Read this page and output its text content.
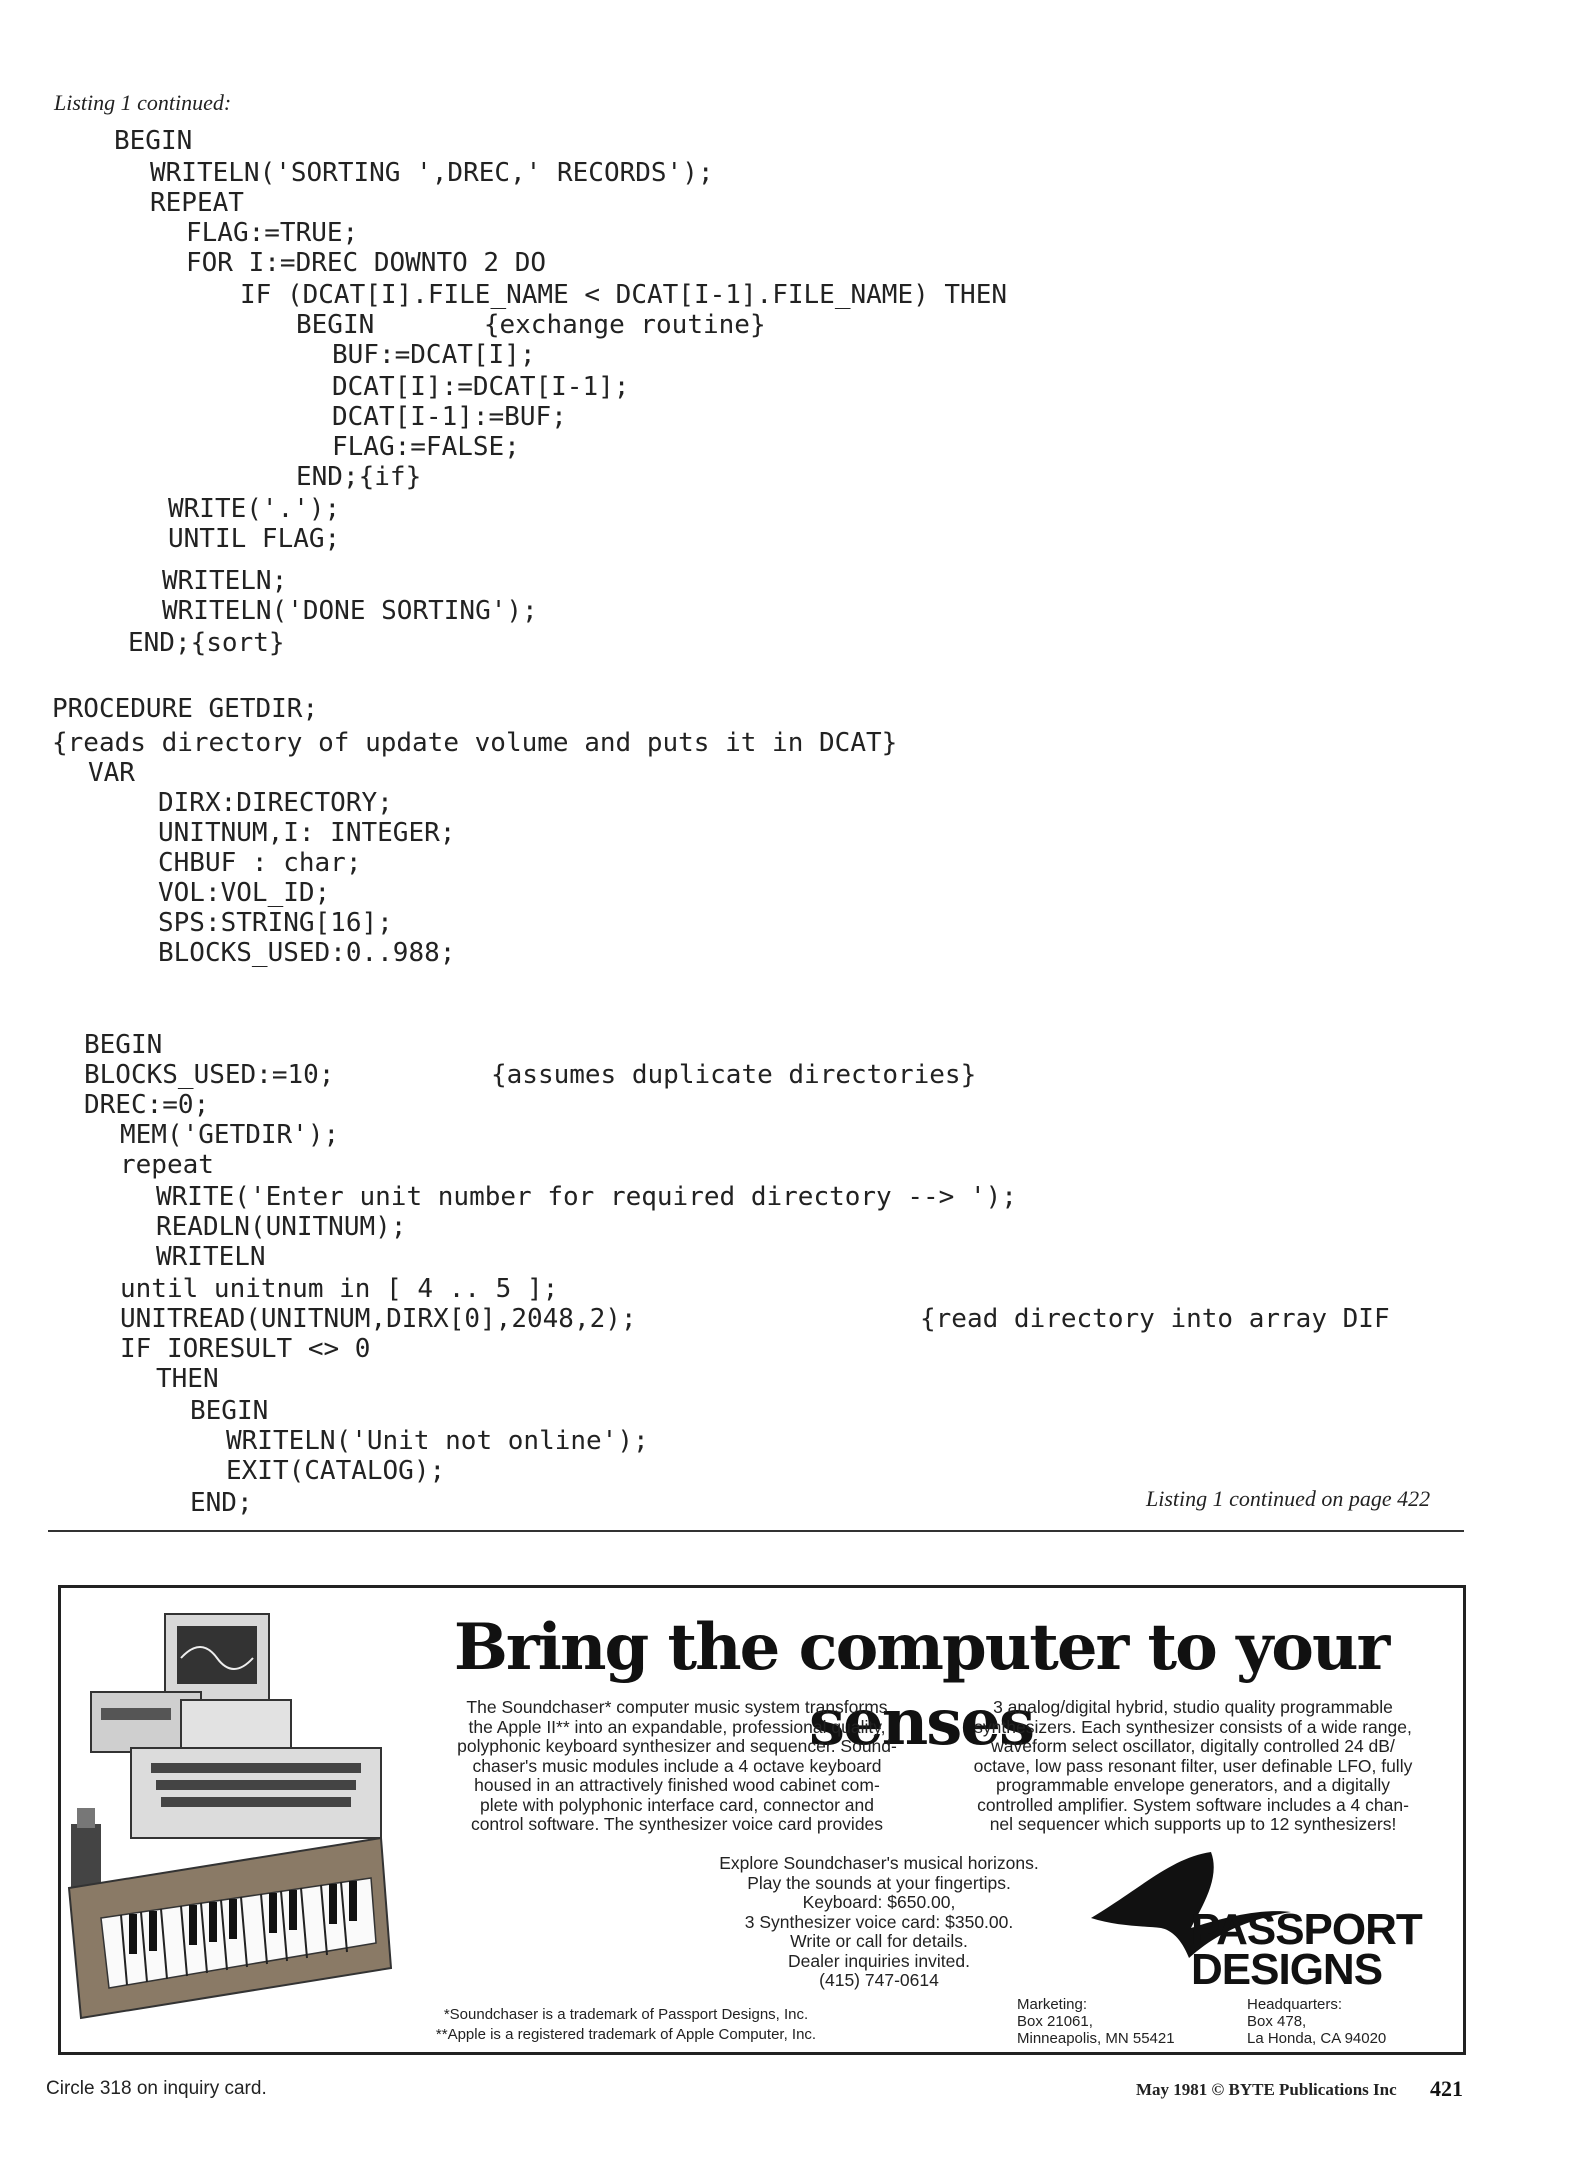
Listing 1 continued:
BEGIN
WRITELN('SORTING ',DREC,' RECORDS');
REPEAT
FLAG:=TRUE;
FOR I:=DREC DOWNTO 2 DO
IF (DCAT[I].FILE_NAME < DCAT[I-1].FILE_NAME) THEN
BEGIN       {exchange routine}
BUF:=DCAT[I];
DCAT[I]:=DCAT[I-1];
DCAT[I-1]:=BUF;
FLAG:=FALSE;
END;{if}
WRITE('.');
UNTIL FLAG;
WRITELN;
WRITELN('DONE SORTING');
END;{sort}
PROCEDURE GETDIR;
{reads directory of update volume and puts it in DCAT}
VAR
DIRX:DIRECTORY;
UNITNUM,I: INTEGER;
CHBUF : char;
VOL:VOL_ID;
SPS:STRING[16];
BLOCKS_USED:0..988;
BEGIN
BLOCKS_USED:=10;          {assumes duplicate directories}
DREC:=0;
MEM('GETDIR');
repeat
WRITE('Enter unit number for required directory --> ');
READLN(UNITNUM);
WRITELN
until unitnum in [ 4 .. 5 ];
UNITREAD(UNITNUM,DIRX[0],2048,2);	{read directory into array DIF
IF IORESULT <> 0
THEN
BEGIN
WRITELN('Unit not online');
EXIT(CATALOG);
END;	Listing 1 continued on page 422
Bring the computer to your senses
The Soundchaser* computer music system transforms
the Apple II** into an expandable, professional quality,
polyphonic keyboard synthesizer and sequencer. Sound-
chaser's music modules include a 4 octave keyboard
housed in an attractively finished wood cabinet com-
plete with polyphonic interface card, connector and
control software. The synthesizer voice card provides
3 analog/digital hybrid, studio quality programmable
synthesizers. Each synthesizer consists of a wide range,
waveform select oscillator, digitally controlled 24 dB/
octave, low pass resonant filter, user definable LFO, fully
programmable envelope generators, and a digitally
controlled amplifier. System software includes a 4 chan-
nel sequencer which supports up to 12 synthesizers!
Explore Soundchaser's musical horizons.
Play the sounds at your fingertips.
Keyboard: $650.00,
3 Synthesizer voice card: $350.00.
Write or call for details.
Dealer inquiries invited.
(415) 747-0614
*Soundchaser is a trademark of Passport Designs, Inc.
**Apple is a registered trademark of Apple Computer, Inc.
PASSPORT
DESIGNS
Marketing:
Box 21061,
Minneapolis, MN 55421
Headquarters:
Box 478,
La Honda, CA 94020
Circle 318 on inquiry card.	May 1981 © BYTE Publications Inc 421
